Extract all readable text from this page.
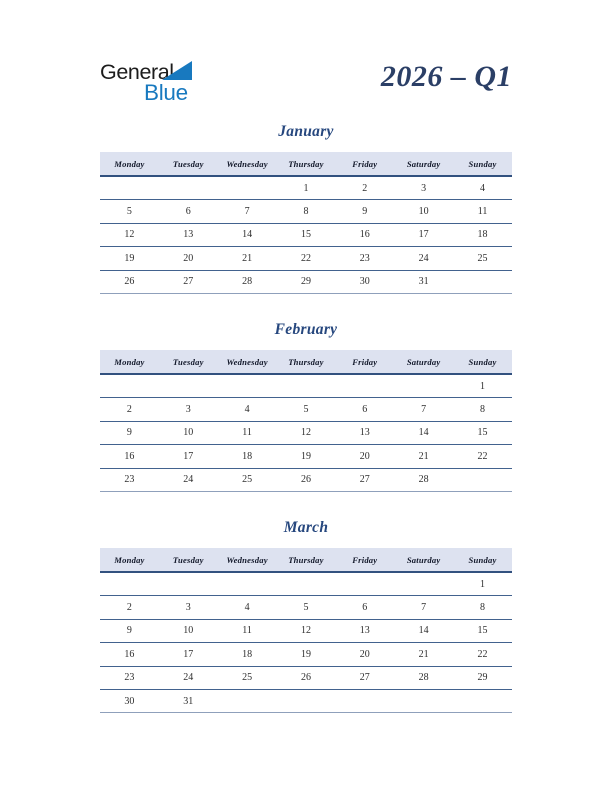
General
Blue	2026 – Q1
January
Monday	Tuesday	Wednesday	Thursday	Friday	Saturday	Sunday
			1	2	3	4
5	6	7	8	9	10	11
12	13	14	15	16	17	18
19	20	21	22	23	24	25
26	27	28	29	30	31	
February
Monday	Tuesday	Wednesday	Thursday	Friday	Saturday	Sunday
						1
2	3	4	5	6	7	8
9	10	11	12	13	14	15
16	17	18	19	20	21	22
23	24	25	26	27	28	
March
Monday	Tuesday	Wednesday	Thursday	Friday	Saturday	Sunday
						1
2	3	4	5	6	7	8
9	10	11	12	13	14	15
16	17	18	19	20	21	22
23	24	25	26	27	28	29
30	31					
